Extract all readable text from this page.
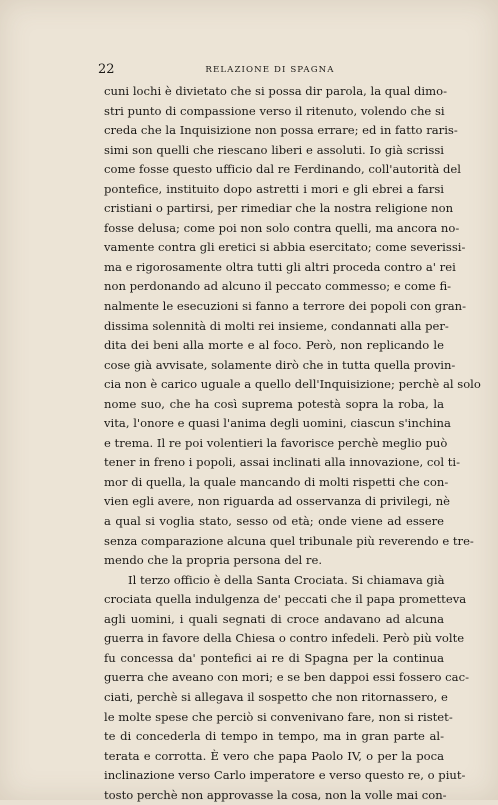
22	RELAZIONE DI SPAGNA
cuni lochi è divietato che si possa dir parola, la qual dimo-
stri punto di compassione verso il ritenuto, volendo che si
creda che la Inquisizione non possa errare; ed in fatto raris-
simi son quelli che riescano liberi e assoluti. Io già scrissi
come fosse questo ufficio dal re Ferdinando, coll'autorità del
pontefice, instituito dopo astretti i mori e gli ebrei a farsi
cristiani o partirsi, per rimediar che la nostra religione non
fosse delusa; come poi non solo contra quelli, ma ancora no-
vamente contra gli eretici si abbia esercitato; come severissi-
ma e rigorosamente oltra tutti gli altri proceda contro a' rei
non perdonando ad alcuno il peccato commesso; e come fi-
nalmente le esecuzioni si fanno a terrore dei popoli con gran-
dissima solennità di molti rei insieme, condannati alla per-
dita dei beni alla morte e al foco. Però, non replicando le
cose già avvisate, solamente dirò che in tutta quella provin-
cia non è carico uguale a quello dell'Inquisizione; perchè al solo
nome suo, che ha così suprema potestà sopra la roba, la
vita, l'onore e quasi l'anima degli uomini, ciascun s'inchina
e trema. Il re poi volentieri la favorisce perchè meglio può
tener in freno i popoli, assai inclinati alla innovazione, col ti-
mor di quella, la quale mancando di molti rispetti che con-
vien egli avere, non riguarda ad osservanza di privilegi, nè
a qual si voglia stato, sesso od età; onde viene ad essere
senza comparazione alcuna quel tribunale più reverendo e tre-
mendo che la propria persona del re.
Il terzo officio è della Santa Crociata. Si chiamava già
crociata quella indulgenza de' peccati che il papa prometteva
agli uomini, i quali segnati di croce andavano ad alcuna
guerra in favore della Chiesa o contro infedeli. Però più volte
fu concessa da' pontefici ai re di Spagna per la continua
guerra che aveano con mori; e se ben dappoi essi fossero cac-
ciati, perchè si allegava il sospetto che non ritornassero, e
le molte spese che perciò si convenivano fare, non si ristet-
te di concederla di tempo in tempo, ma in gran parte al-
terata e corrotta. È vero che papa Paolo IV, o per la poca
inclinazione verso Carlo imperatore e verso questo re, o piut-
tosto perchè non approvasse la cosa, non la volle mai con-
